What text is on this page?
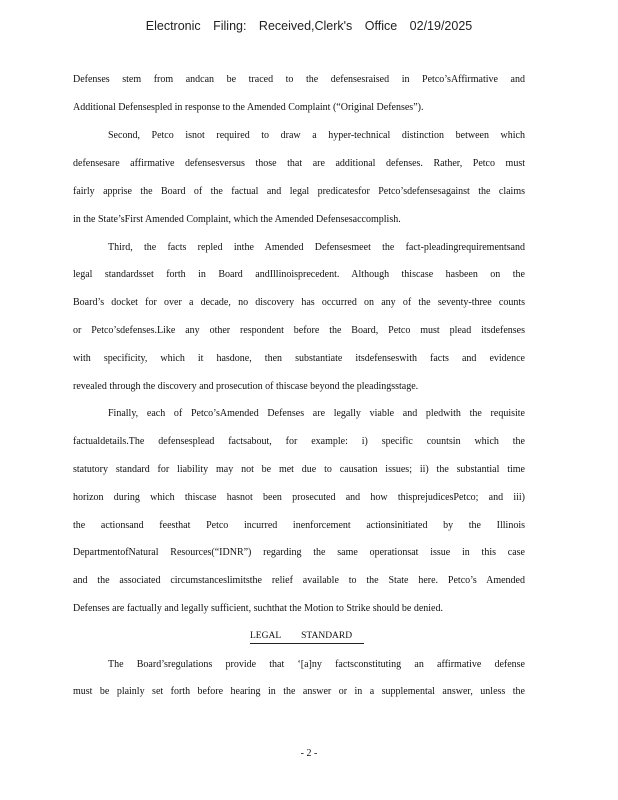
Electronic Filing: Received,Clerk's Office 02/19/2025
Defenses stem from andcan be traced to the defensesraised in Petco’sAffirmative and
Additional Defensespled in response to the Amended Complaint (“Original Defenses”).
Second, Petco isnot required to draw a hyper-technical distinction between which
defensesare affirmative defensesversus those that are additional defenses. Rather, Petco must
fairly apprise the Board of the factual and legal predicatesfor Petco’sdefensesagainst the claims
in the State’sFirst Amended Complaint, which the Amended Defensesaccomplish.
Third, the facts repled inthe Amended Defensesmeet the fact-pleadingrequirementsand
legal standardsset forth in Board andIllinoisprecedent. Although thiscase hasbeen on the
Board’s docket for over a decade, no discovery has occurred on any of the seventy-three counts
or Petco’sdefenses.Like any other respondent before the Board, Petco must plead itsdefenses
with specificity, which it hasdone, then substantiate itsdefenseswith facts and evidence
revealed through the discovery and prosecution of thiscase beyond the pleadingsstage.
Finally, each of Petco’sAmended Defenses are legally viable and pledwith the requisite
factualdetails.The defensesplead factsabout, for example: i) specific countsin which the
statutory standard for liability may not be met due to causation issues; ii) the substantial time
horizon during which thiscase hasnot been prosecuted and how thisprejudicesPetco; and iii)
the actionsand feesthat Petco incurred inenforcement actionsinitiated by the Illinois
DepartmentofNatural Resources(“IDNR”) regarding the same operationsat issue in this case
and the associated circumstanceslimitsthe relief available to the State here. Petco’s Amended
Defenses are factually and legally sufficient, suchthat the Motion to Strike should be denied.
LEGAL STANDARD
The Board’sregulations provide that ‘[a]ny factsconstituting an affirmative defense
must be plainly set forth before hearing in the answer or in a supplemental answer, unless the
- 2 -
